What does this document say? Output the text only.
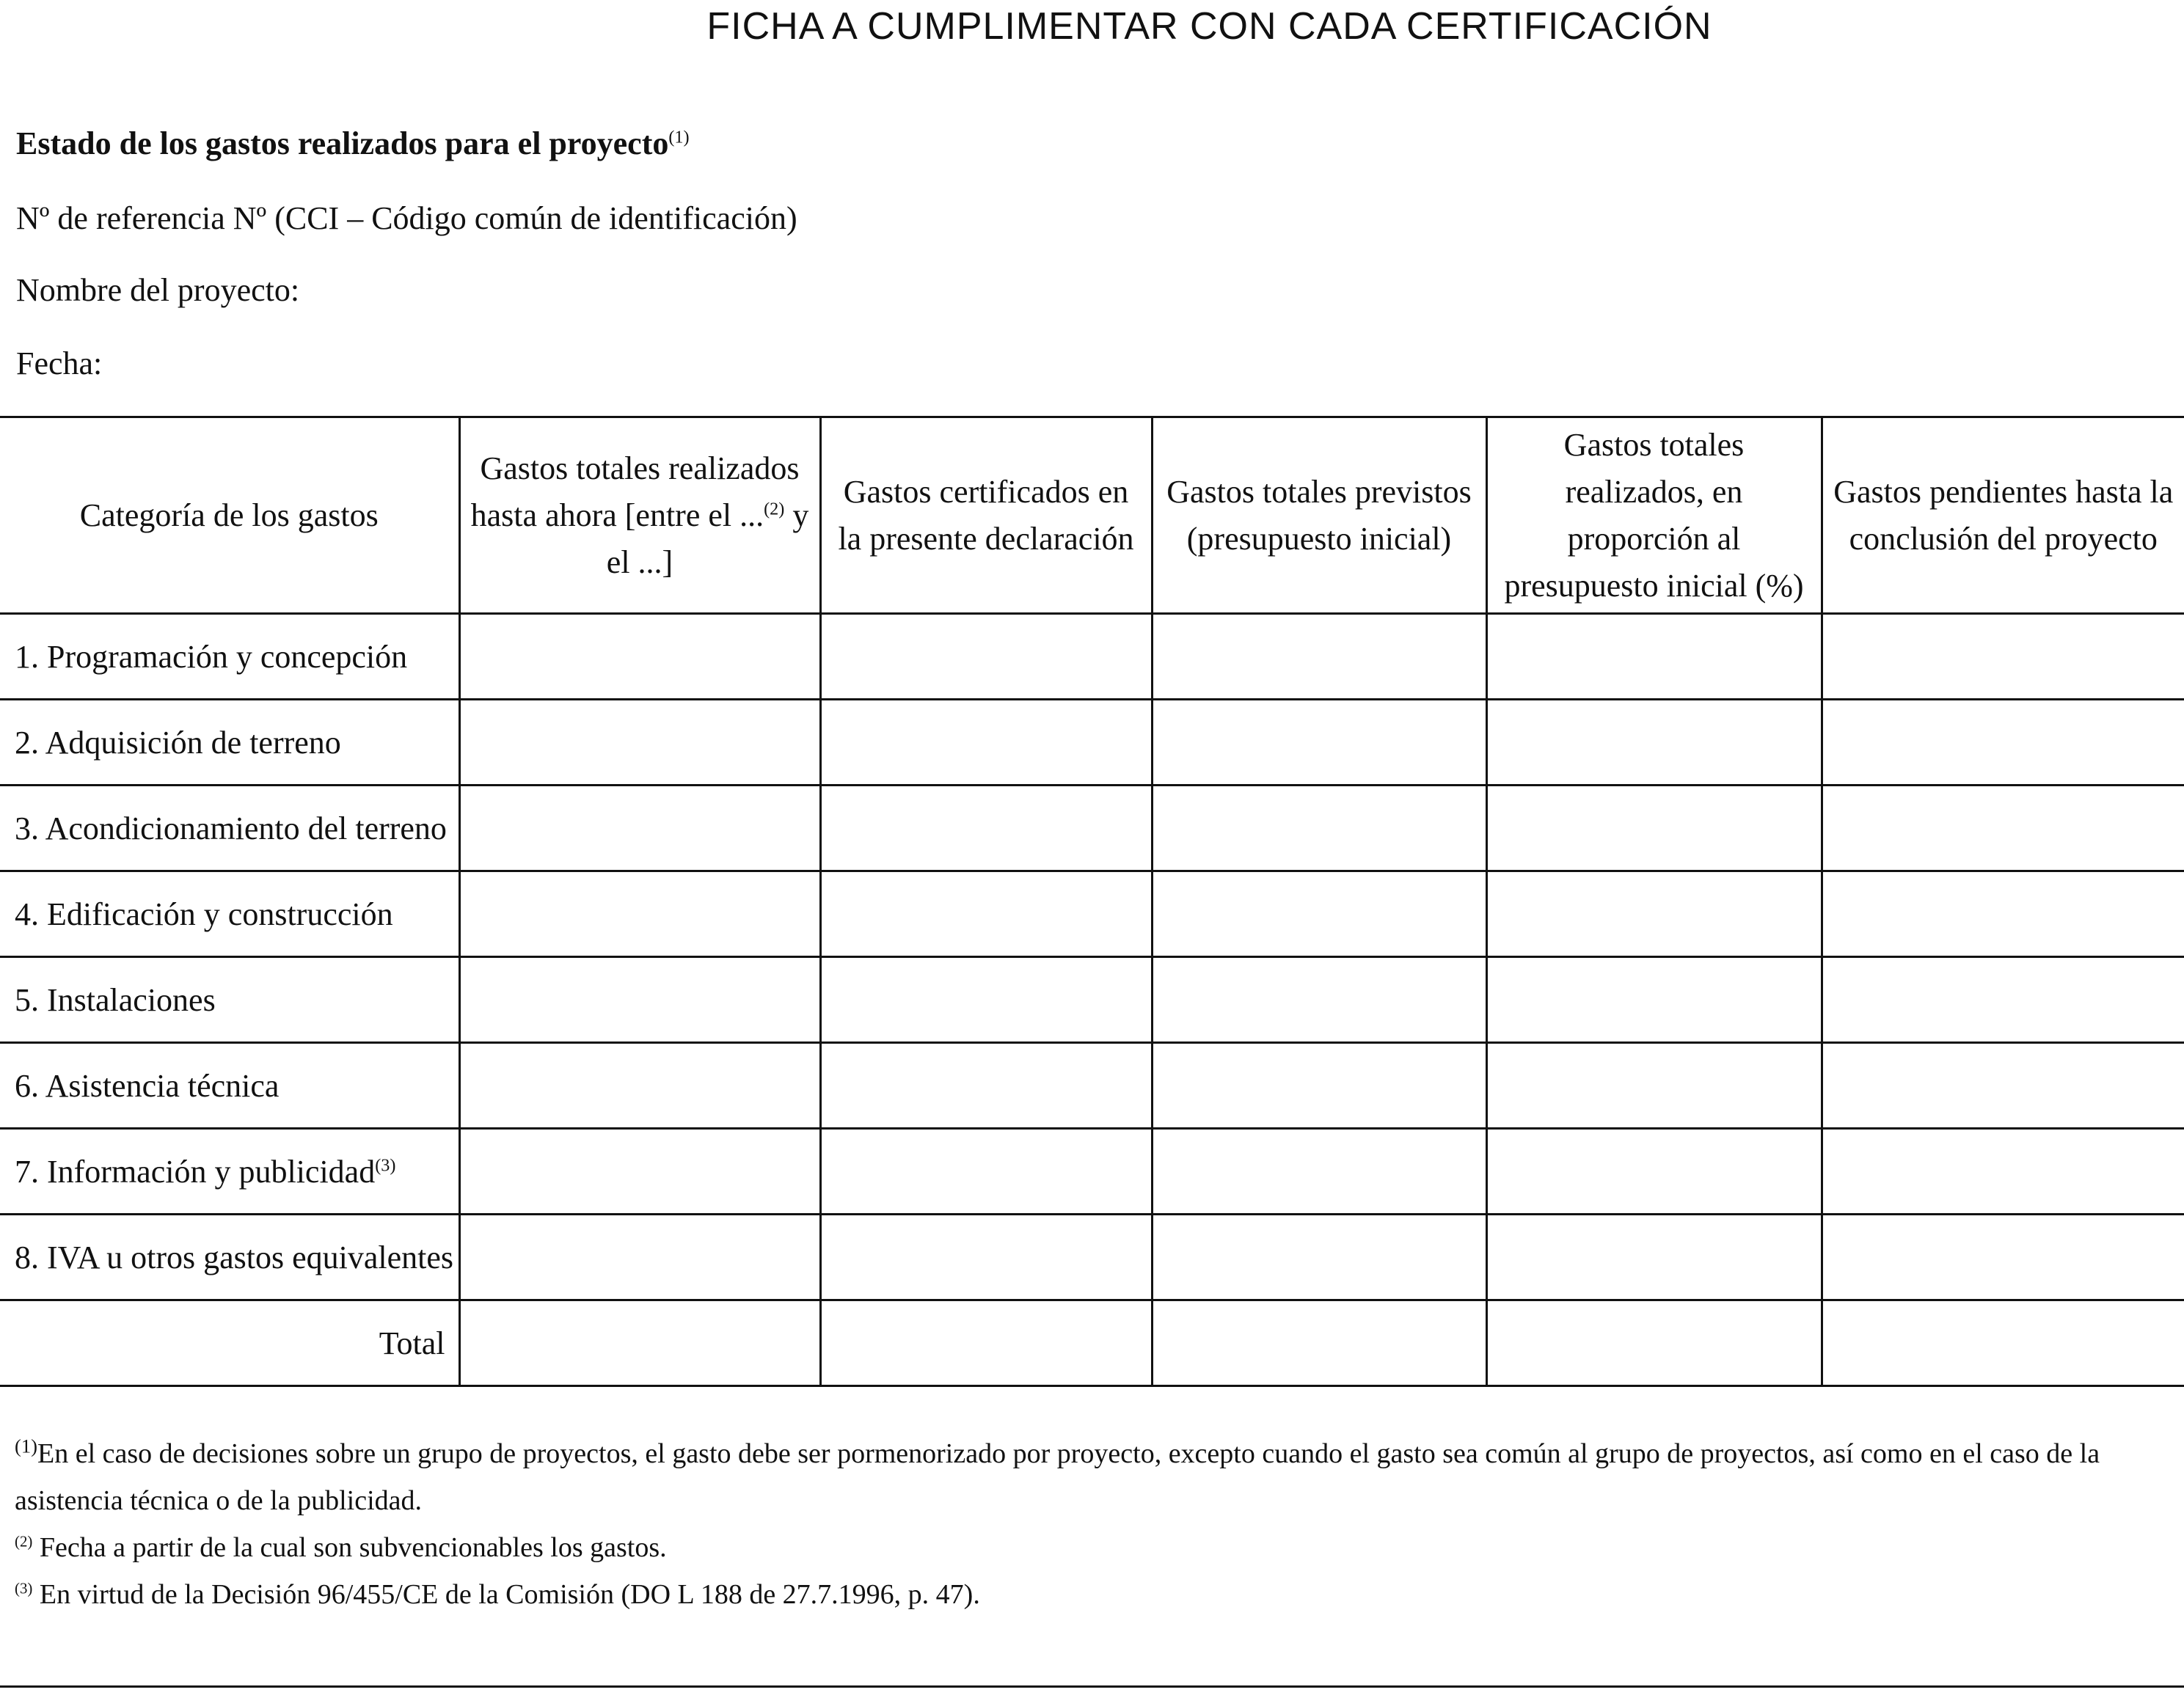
FICHA A CUMPLIMENTAR CON CADA CERTIFICACIÓN
Estado de los gastos realizados para el proyecto$^{(1)}$
Nº de referencia Nº (CCI – Código común de identificación)
Nombre del proyecto:
Fecha:
Categoría de los gastos	Gastos totales realizados hasta ahora [entre el ...$^{(2)}$ y el ...]	Gastos certificados en la presente declaración	Gastos totales previstos (presupuesto inicial)	Gastos totales realizados, en proporción al presupuesto inicial (%)	Gastos pendientes hasta la conclusión del proyecto
1. Programación y concepción					
2. Adquisición de terreno					
3. Acondicionamiento del terreno					
4. Edificación y construcción					
5. Instalaciones					
6. Asistencia técnica					
7. Información y publicidad$^{(3)}$					
8. IVA u otros gastos equivalentes					
Total					

$^{(1)}$En el caso de decisiones sobre un grupo de proyectos, el gasto debe ser pormenorizado por proyecto, excepto cuando el gasto sea común al grupo de proyectos, así como en el caso de la asistencia técnica o de la publicidad.

$^{(2)}$ Fecha a partir de la cual son subvencionables los gastos.

$^{(3)}$ En virtud de la Decisión 96/455/CE de la Comisión (DO L 188 de 27.7.1996, p. 47).
